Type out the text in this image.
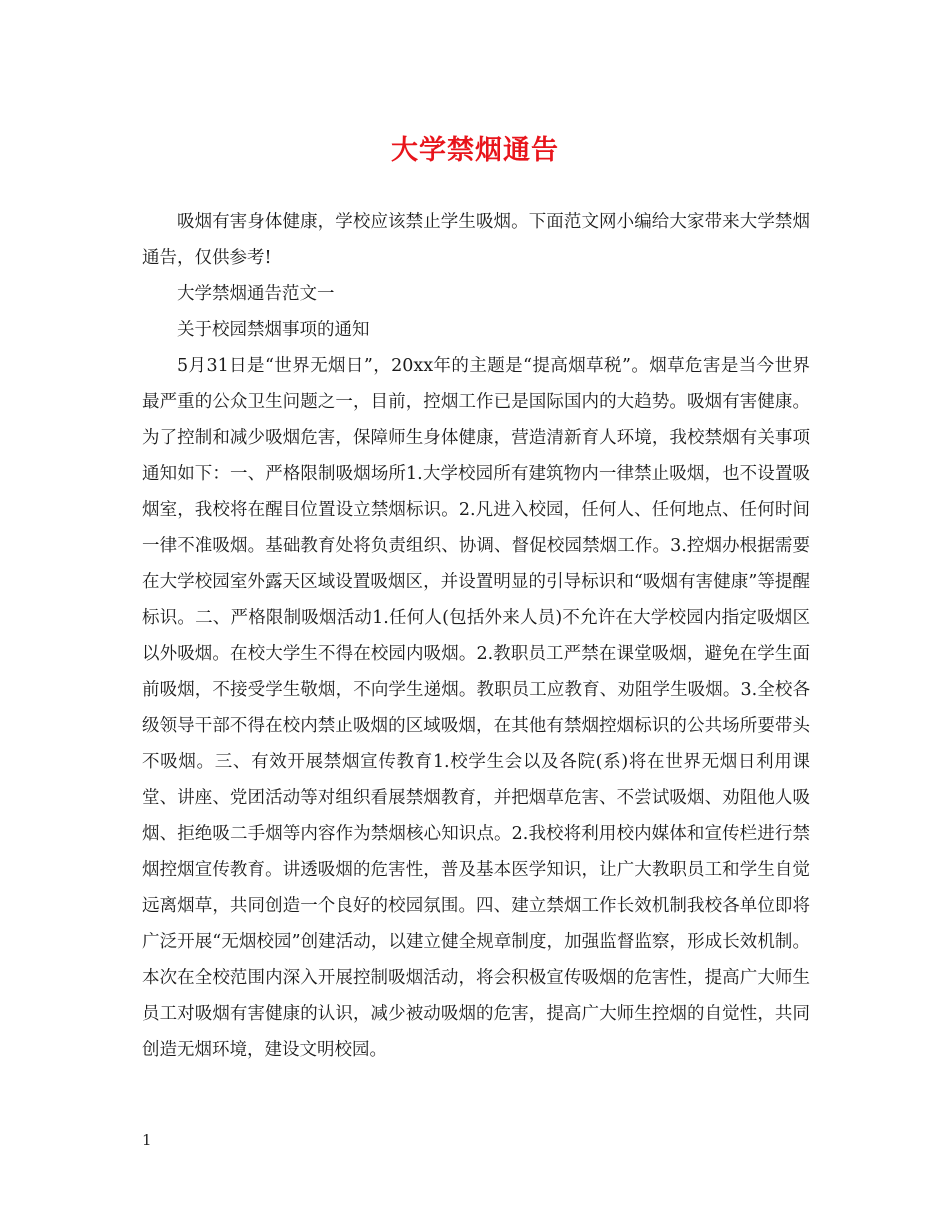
大学禁烟通告

吸烟有害身体健康，学校应该禁止学生吸烟。下面范文网小编给大家带来大学禁烟通告，仅供参考!

大学禁烟通告范文一

关于校园禁烟事项的通知

5月31日是“世界无烟日”，20xx年的主题是“提高烟草税”。烟草危害是当今世界最严重的公众卫生问题之一，目前，控烟工作已是国际国内的大趋势。吸烟有害健康。为了控制和减少吸烟危害，保障师生身体健康，营造清新育人环境，我校禁烟有关事项通知如下：一、严格限制吸烟场所1.大学校园所有建筑物内一律禁止吸烟，也不设置吸烟室，我校将在醒目位置设立禁烟标识。2.凡进入校园，任何人、任何地点、任何时间一律不准吸烟。基础教育处将负责组织、协调、督促校园禁烟工作。3.控烟办根据需要在大学校园室外露天区域设置吸烟区，并设置明显的引导标识和“吸烟有害健康”等提醒标识。二、严格限制吸烟活动1.任何人(包括外来人员)不允许在大学校园内指定吸烟区以外吸烟。在校大学生不得在校园内吸烟。2.教职员工严禁在课堂吸烟，避免在学生面前吸烟，不接受学生敬烟，不向学生递烟。教职员工应教育、劝阻学生吸烟。3.全校各级领导干部不得在校内禁止吸烟的区域吸烟，在其他有禁烟控烟标识的公共场所要带头不吸烟。三、有效开展禁烟宣传教育1.校学生会以及各院(系)将在世界无烟日利用课堂、讲座、党团活动等对组织看展禁烟教育，并把烟草危害、不尝试吸烟、劝阻他人吸烟、拒绝吸二手烟等内容作为禁烟核心知识点。2.我校将利用校内媒体和宣传栏进行禁烟控烟宣传教育。讲透吸烟的危害性，普及基本医学知识，让广大教职员工和学生自觉远离烟草，共同创造一个良好的校园氛围。四、建立禁烟工作长效机制我校各单位即将广泛开展“无烟校园”创建活动，以建立健全规章制度，加强监督监察，形成长效机制。本次在全校范围内深入开展控制吸烟活动，将会积极宣传吸烟的危害性，提高广大师生员工对吸烟有害健康的认识，减少被动吸烟的危害，提高广大师生控烟的自觉性，共同创造无烟环境，建设文明校园。

1
